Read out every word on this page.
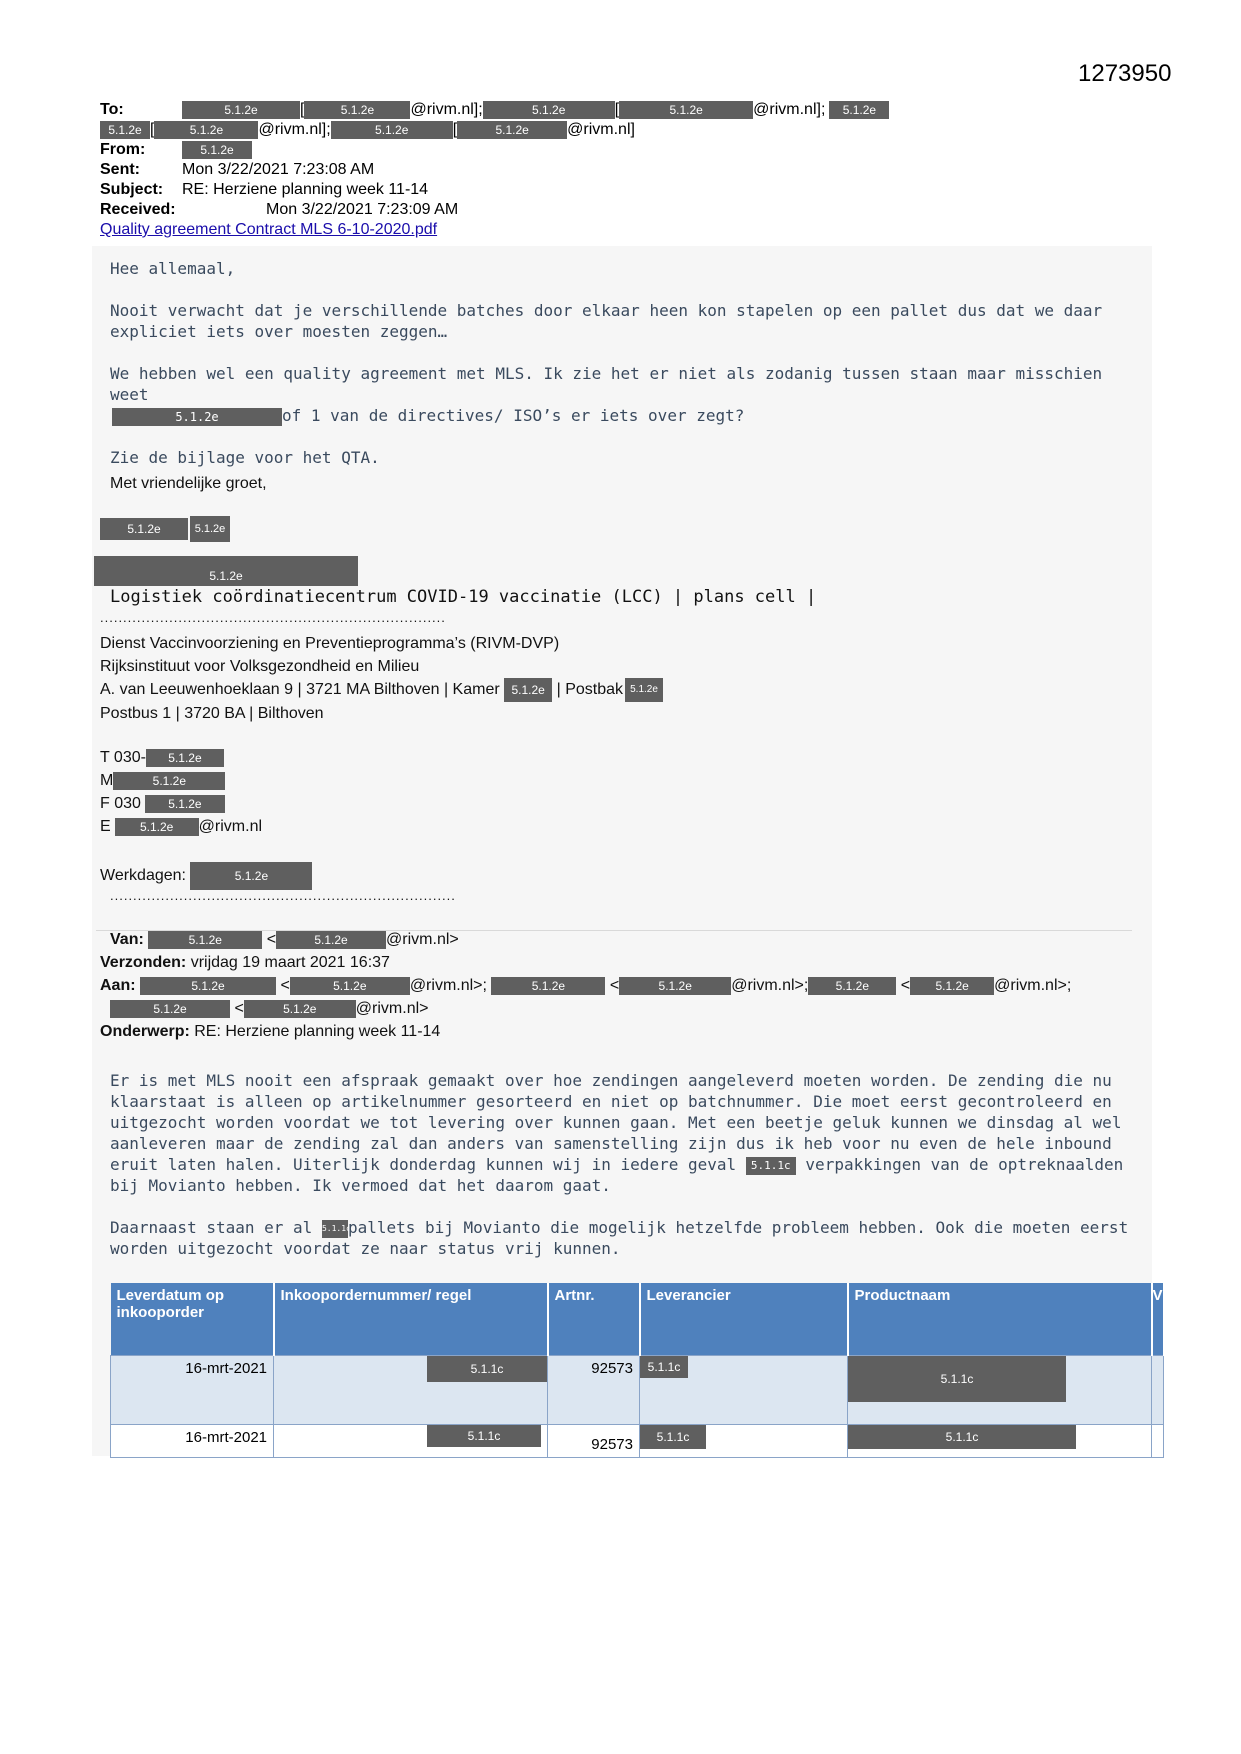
1273950
To:	5.1.2e	[	5.1.2e @rivm.nl];	5.1.2e	[	5.1.2e	@rivm.nl]; 5.1.2e
5.1.2e [	5.1.2e @rivm.nl];	5.1.2e	[	5.1.2e @rivm.nl]
From:	5.1.2e
Sent:	Mon 3/22/2021 7:23:08 AM
Subject: RE: Herziene planning week 11-14
Received:	Mon 3/22/2021 7:23:09 AM
Quality agreement Contract MLS 6-10-2020.pdf
Hee allemaal,
Nooit verwacht dat je verschillende batches door elkaar heen kon stapelen op een pallet dus dat we daar expliciet iets over moesten zeggen…
We hebben wel een quality agreement met MLS. Ik zie het er niet als zodanig tussen staan maar misschien weet
5.1.2e	of 1 van de directives/ ISO’s er iets over zegt?
Zie de bijlage voor het QTA.
Met vriendelijke groet,
5.1.2e	5.1.2e
5.1.2e
Logistiek coördinatiecentrum COVID-19 vaccinatie (LCC) | plans cell |
...........................................................................
Dienst Vaccinvoorziening en Preventieprogramma’s (RIVM-DVP)
Rijksinstituut voor Volksgezondheid en Milieu
A. van Leeuwenhoeklaan 9 | 3721 MA Bilthoven | Kamer 5.1.2e | Postbak 5.1.2e
Postbus 1 | 3720 BA | Bilthoven
T 030- 5.1.2e
M	5.1.2e
F 030 5.1.2e
E 5.1.2e @rivm.nl
Werkdagen:	5.1.2e
...........................................................................
Van:	5.1.2e	<	5.1.2e @rivm.nl>
Verzonden: vrijdag 19 maart 2021 16:37
Aan:	5.1.2e	<	5.1.2e	@rivm.nl>;	5.1.2e	<	5.1.2e @rivm.nl>; 5.1.2e < 5.1.2e @rivm.nl>;
5.1.2e	<	5.1.2e @rivm.nl>
Onderwerp: RE: Herziene planning week 11-14
Er is met MLS nooit een afspraak gemaakt over hoe zendingen aangeleverd moeten worden. De zending die nu klaarstaat is alleen op artikelnummer gesorteerd en niet op batchnummer. Die moet eerst gecontroleerd en uitgezocht worden voordat we tot levering over kunnen gaan. Met een beetje geluk kunnen we dinsdag al wel aanleveren maar de zending zal dan anders van samenstelling zijn dus ik heb voor nu even de hele inbound eruit laten halen. Uiterlijk donderdag kunnen wij in iedere geval 5.1.1c verpakkingen van de optreknaalden bij Movianto hebben. Ik vermoed dat het daarom gaat.
Daarnaast staan er al 5.1.1cpallets bij Movianto die mogelijk hetzelfde probleem hebben. Ook die moeten eerst worden uitgezocht voordat ze naar status vrij kunnen.
Leverdatum op inkooporder	Inkoopordernummer/ regel	Artnr.	Leverancier	Productnaam	V
16-mrt-2021	5.1.1c	92573	5.1.1c	5.1.1c	
16-mrt-2021	5.1.1c	92573	5.1.1c	5.1.1c	
